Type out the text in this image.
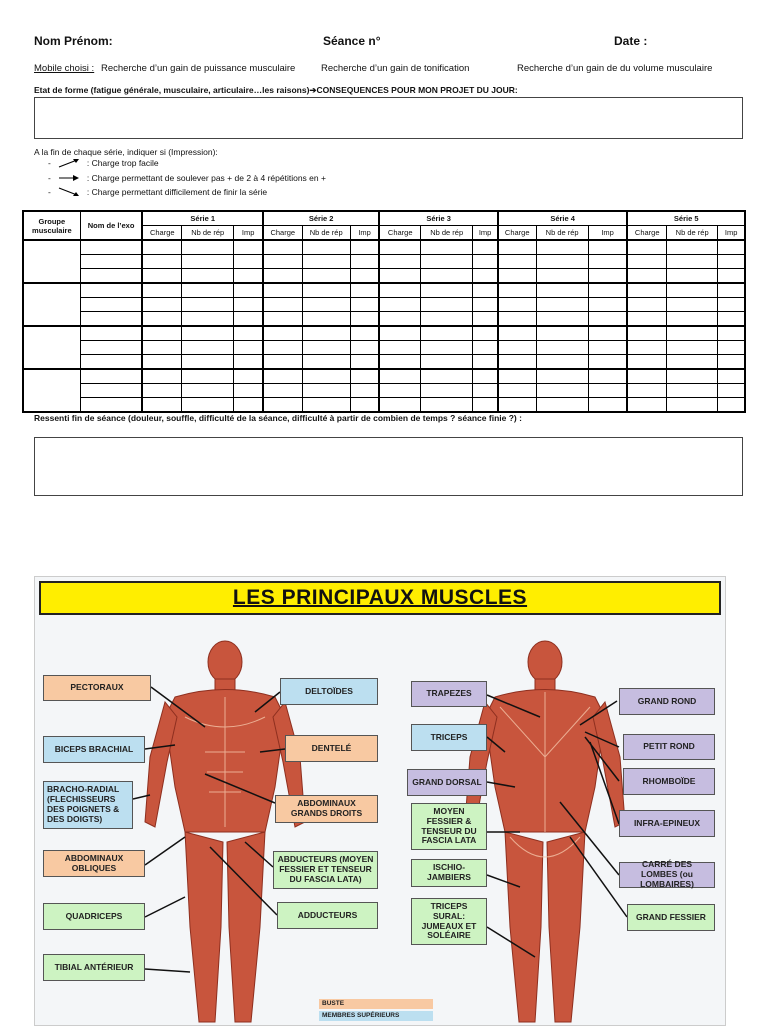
Nom Prénom:	Séance n°	Date :
Mobile choisi : Recherche d’un gain de puissance musculaire	Recherche d’un gain de tonification	Recherche d’un gain de du volume musculaire
Etat de forme (fatigue générale, musculaire, articulaire…les raisons)➔CONSEQUENCES POUR MON PROJET DU JOUR:
A la fin de chaque série, indiquer si (Impression):
-	: Charge trop facile
-	: Charge permettant de soulever pas + de 2 à 4 répétitions en +
-	: Charge permettant difficilement de finir la série
Groupe musculaire	Nom de l’exo	Série 1			Série 2			Série 3			Série 4			Série 5		
		Charge	Nb de rép	Imp	Charge	Nb de rép	Imp	Charge	Nb de rép	Imp	Charge	Nb de rép	Imp	Charge	Nb de rép	Imp

Ressenti fin de séance (douleur, souffle, difficulté de la séance, difficulté à partir de combien de temps ? séance finie ?) :
LES PRINCIPAUX MUSCLES
PECTORAUX	DELTOÏDES
BICEPS BRACHIAL	DENTELÉ
BRACHO-RADIAL (FLECHISSEURS DES POIGNETS & DES DOIGTS)
ABDOMINAUX GRANDS DROITS
ABDOMINAUX OBLIQUES
ABDUCTEURS (MOYEN FESSIER ET TENSEUR DU FASCIA LATA)
QUADRICEPS	ADDUCTEURS
TIBIAL ANTÉRIEUR
TRAPEZES
GRAND ROND
TRICEPS
PETIT ROND
GRAND DORSAL	RHOMBOÏDE
MOYEN FESSIER & TENSEUR DU FASCIA LATA
INFRA-EPINEUX
ISCHIO-JAMBIERS
CARRÉ DES LOMBES (ou LOMBAIRES)
TRICEPS SURAL: JUMEAUX ET SOLÉAIRE
GRAND FESSIER
BUSTE
MEMBRES SUPÉRIEURS
